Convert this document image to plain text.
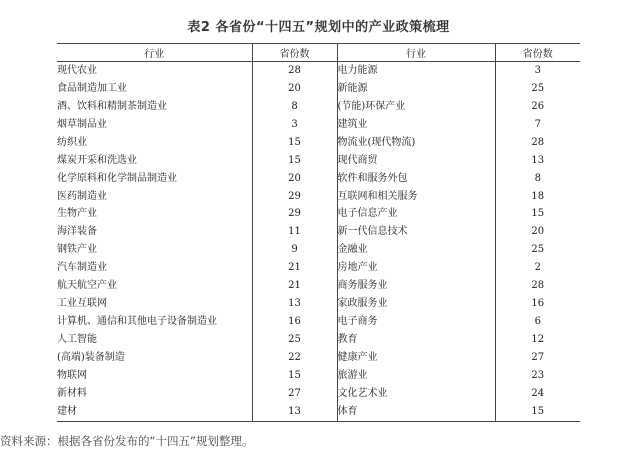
表2 各省份“十四五”规划中的产业政策梳理
行业	省份数	行业	省份数
现代农业	28	电力能源	3
食品制造加工业	20	新能源	25
酒、饮料和精制茶制造业	8	(节能)环保产业	26
烟草制品业	3	建筑业	7
纺织业	15	物流业(现代物流)	28
煤炭开采和洗选业	15	现代商贸	13
化学原料和化学制品制造业	20	软件和服务外包	8
医药制造业	29	互联网和相关服务	18
生物产业	29	电子信息产业	15
海洋装备	11	新一代信息技术	20
钢铁产业	9	金融业	25
汽车制造业	21	房地产业	2
航天航空产业	21	商务服务业	28
工业互联网	13	家政服务业	16
计算机、通信和其他电子设备制造业	16	电子商务	6
人工智能	25	教育	12
(高端)装备制造	22	健康产业	27
物联网	15	旅游业	23
新材料	27	文化艺术业	24
建材	13	体育	15
资料来源：根据各省份发布的“十四五”规划整理。
